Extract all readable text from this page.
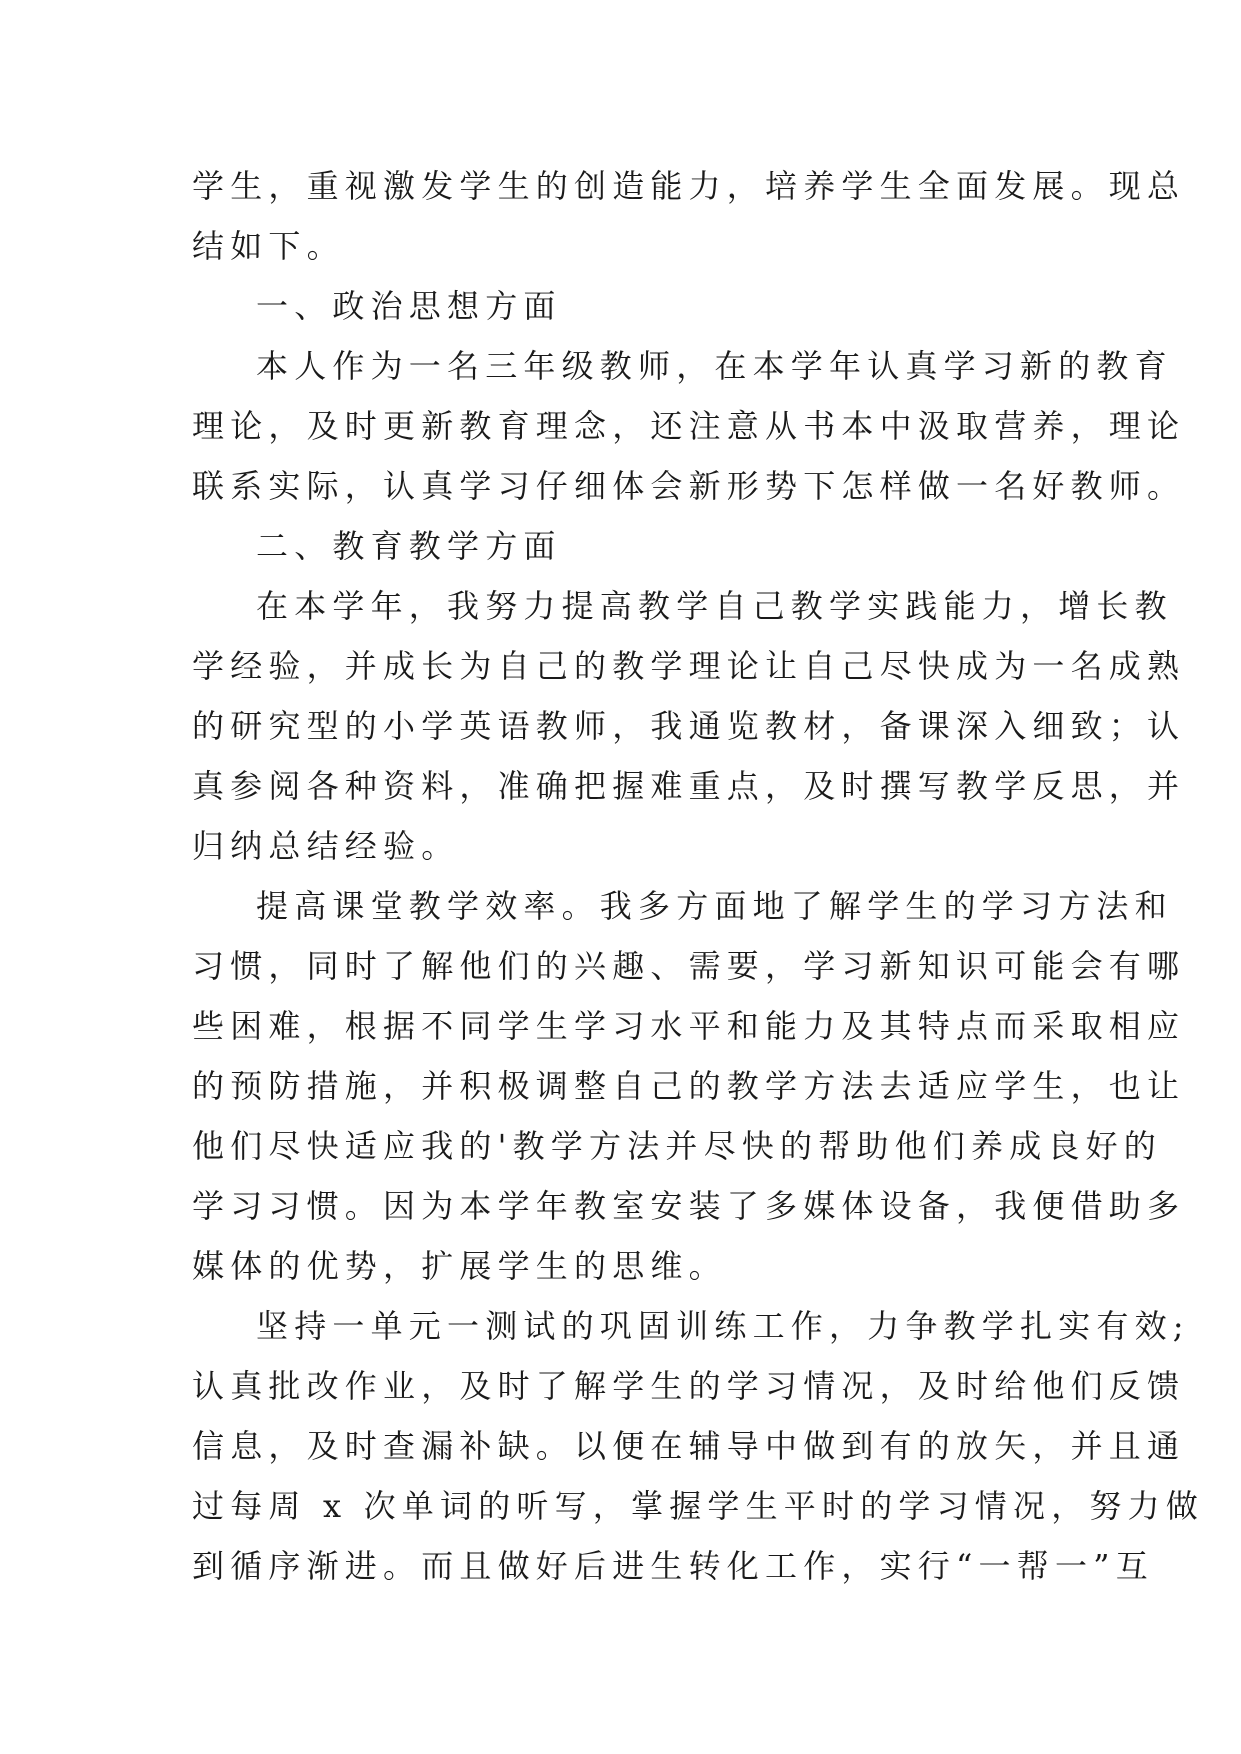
学生，重视激发学生的创造能力，培养学生全面发展。现总
结如下。
一、政治思想方面
本人作为一名三年级教师，在本学年认真学习新的教育
理论，及时更新教育理念，还注意从书本中汲取营养，理论
联系实际，认真学习仔细体会新形势下怎样做一名好教师。
二、教育教学方面
在本学年，我努力提高教学自己教学实践能力，增长教
学经验，并成长为自己的教学理论让自己尽快成为一名成熟
的研究型的小学英语教师，我通览教材，备课深入细致；认
真参阅各种资料，准确把握难重点，及时撰写教学反思，并
归纳总结经验。
提高课堂教学效率。我多方面地了解学生的学习方法和
习惯，同时了解他们的兴趣、需要，学习新知识可能会有哪
些困难，根据不同学生学习水平和能力及其特点而采取相应
的预防措施，并积极调整自己的教学方法去适应学生，也让
他们尽快适应我的'教学方法并尽快的帮助他们养成良好的
学习习惯。因为本学年教室安装了多媒体设备，我便借助多
媒体的优势，扩展学生的思维。
坚持一单元一测试的巩固训练工作，力争教学扎实有效;
认真批改作业，及时了解学生的学习情况，及时给他们反馈
信息，及时查漏补缺。以便在辅导中做到有的放矢，并且通
过每周 x 次单词的听写，掌握学生平时的学习情况，努力做
到循序渐进。而且做好后进生转化工作，实行“一帮一”互
